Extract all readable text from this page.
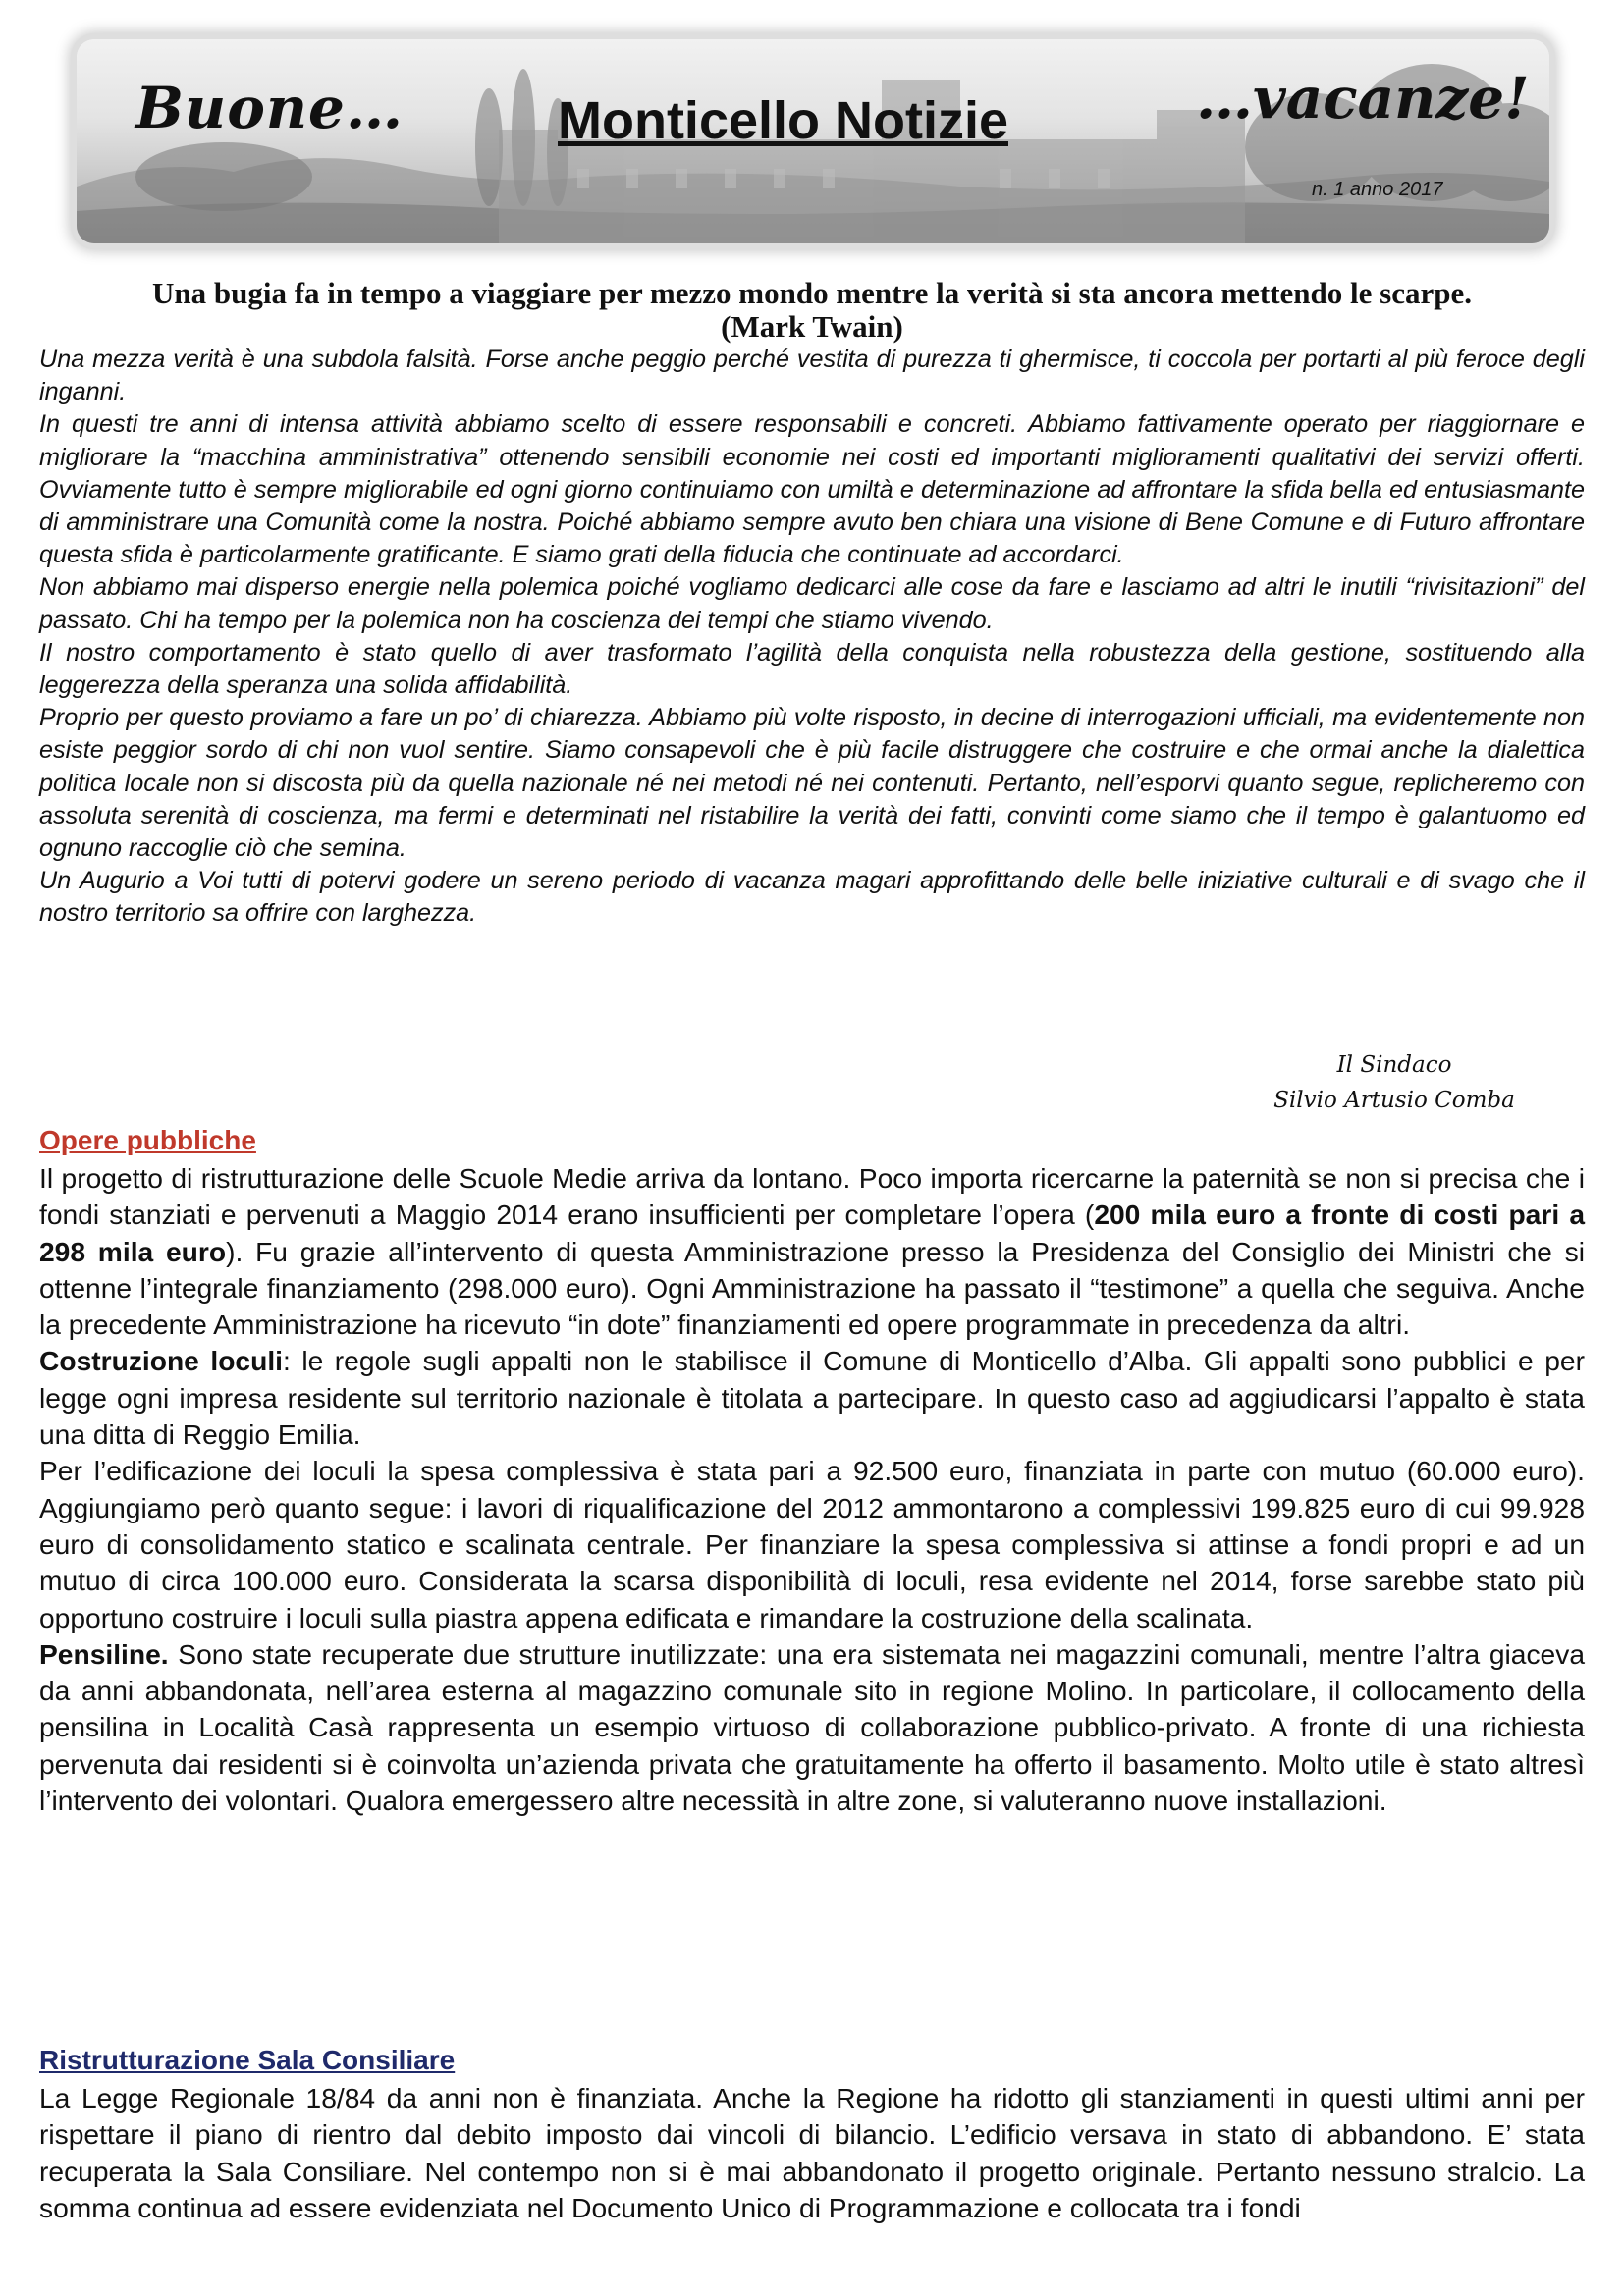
Buone…	Monticello Notizie	…vacanze!
n. 1 anno 2017
Una bugia fa in tempo a viaggiare per mezzo mondo mentre la verità si sta ancora mettendo le scarpe.
(Mark Twain)

Una mezza verità è una subdola falsità. Forse anche peggio perché vestita di purezza ti ghermisce, ti coccola per portarti al più feroce degli inganni.

In questi tre anni di intensa attività abbiamo scelto di essere responsabili e concreti. Abbiamo fattivamente operato per riaggiornare e migliorare la “macchina amministrativa” ottenendo sensibili economie nei costi ed importanti miglioramenti qualitativi dei servizi offerti. Ovviamente tutto è sempre migliorabile ed ogni giorno continuiamo con umiltà e determinazione ad affrontare la sfida bella ed entusiasmante di amministrare una Comunità come la nostra. Poiché abbiamo sempre avuto ben chiara una visione di Bene Comune e di Futuro affrontare questa sfida è particolarmente gratificante. E siamo grati della fiducia che continuate ad accordarci.

Non abbiamo mai disperso energie nella polemica poiché vogliamo dedicarci alle cose da fare e lasciamo ad altri le inutili “rivisitazioni” del passato. Chi ha tempo per la polemica non ha coscienza dei tempi che stiamo vivendo.

Il nostro comportamento è stato quello di aver trasformato l’agilità della conquista nella robustezza della gestione, sostituendo alla leggerezza della speranza una solida affidabilità.

Proprio per questo proviamo a fare un po’ di chiarezza. Abbiamo più volte risposto, in decine di interrogazioni ufficiali, ma evidentemente non esiste peggior sordo di chi non vuol sentire. Siamo consapevoli che è più facile distruggere che costruire e che ormai anche la dialettica politica locale non si discosta più da quella nazionale né nei metodi né nei contenuti. Pertanto, nell’esporvi quanto segue, replicheremo con assoluta serenità di coscienza, ma fermi e determinati nel ristabilire la verità dei fatti, convinti come siamo che il tempo è galantuomo ed ognuno raccoglie ciò che semina.

Un Augurio a Voi tutti di potervi godere un sereno periodo di vacanza magari approfittando delle belle iniziative culturali e di svago che il nostro territorio sa offrire con larghezza.

Il Sindaco
Silvio Artusio Comba
Opere pubbliche

Il progetto di ristrutturazione delle Scuole Medie arriva da lontano. Poco importa ricercarne la paternità se non si precisa che i fondi stanziati e pervenuti a Maggio 2014 erano insufficienti per completare l’opera (200 mila euro a fronte di costi pari a 298 mila euro). Fu grazie all’intervento di questa Amministrazione presso la Presidenza del Consiglio dei Ministri che si ottenne l’integrale finanziamento (298.000 euro). Ogni Amministrazione ha passato il “testimone” a quella che seguiva. Anche la precedente Amministrazione ha ricevuto “in dote” finanziamenti ed opere programmate in precedenza da altri.

Costruzione loculi: le regole sugli appalti non le stabilisce il Comune di Monticello d’Alba. Gli appalti sono pubblici e per legge ogni impresa residente sul territorio nazionale è titolata a partecipare. In questo caso ad aggiudicarsi l’appalto è stata una ditta di Reggio Emilia.

Per l’edificazione dei loculi la spesa complessiva è stata pari a 92.500 euro, finanziata in parte con mutuo (60.000 euro). Aggiungiamo però quanto segue: i lavori di riqualificazione del 2012 ammontarono a complessivi 199.825 euro di cui 99.928 euro di consolidamento statico e scalinata centrale. Per finanziare la spesa complessiva si attinse a fondi propri e ad un mutuo di circa 100.000 euro. Considerata la scarsa disponibilità di loculi, resa evidente nel 2014, forse sarebbe stato più opportuno costruire i loculi sulla piastra appena edificata e rimandare la costruzione della scalinata.

Pensiline. Sono state recuperate due strutture inutilizzate: una era sistemata nei magazzini comunali, mentre l’altra giaceva da anni abbandonata, nell’area esterna al magazzino comunale sito in regione Molino. In particolare, il collocamento della pensilina in Località Casà rappresenta un esempio virtuoso di collaborazione pubblico-privato. A fronte di una richiesta pervenuta dai residenti si è coinvolta un’azienda privata che gratuitamente ha offerto il basamento. Molto utile è stato altresì l’intervento dei volontari. Qualora emergessero altre necessità in altre zone, si valuteranno nuove installazioni.

Ristrutturazione Sala Consiliare

La Legge Regionale 18/84 da anni non è finanziata. Anche la Regione ha ridotto gli stanziamenti in questi ultimi anni per rispettare il piano di rientro dal debito imposto dai vincoli di bilancio. L’edificio versava in stato di abbandono. E’ stata recuperata la Sala Consiliare. Nel contempo non si è mai abbandonato il progetto originale. Pertanto nessuno stralcio. La somma continua ad essere evidenziata nel Documento Unico di Programmazione e collocata tra i fondi
